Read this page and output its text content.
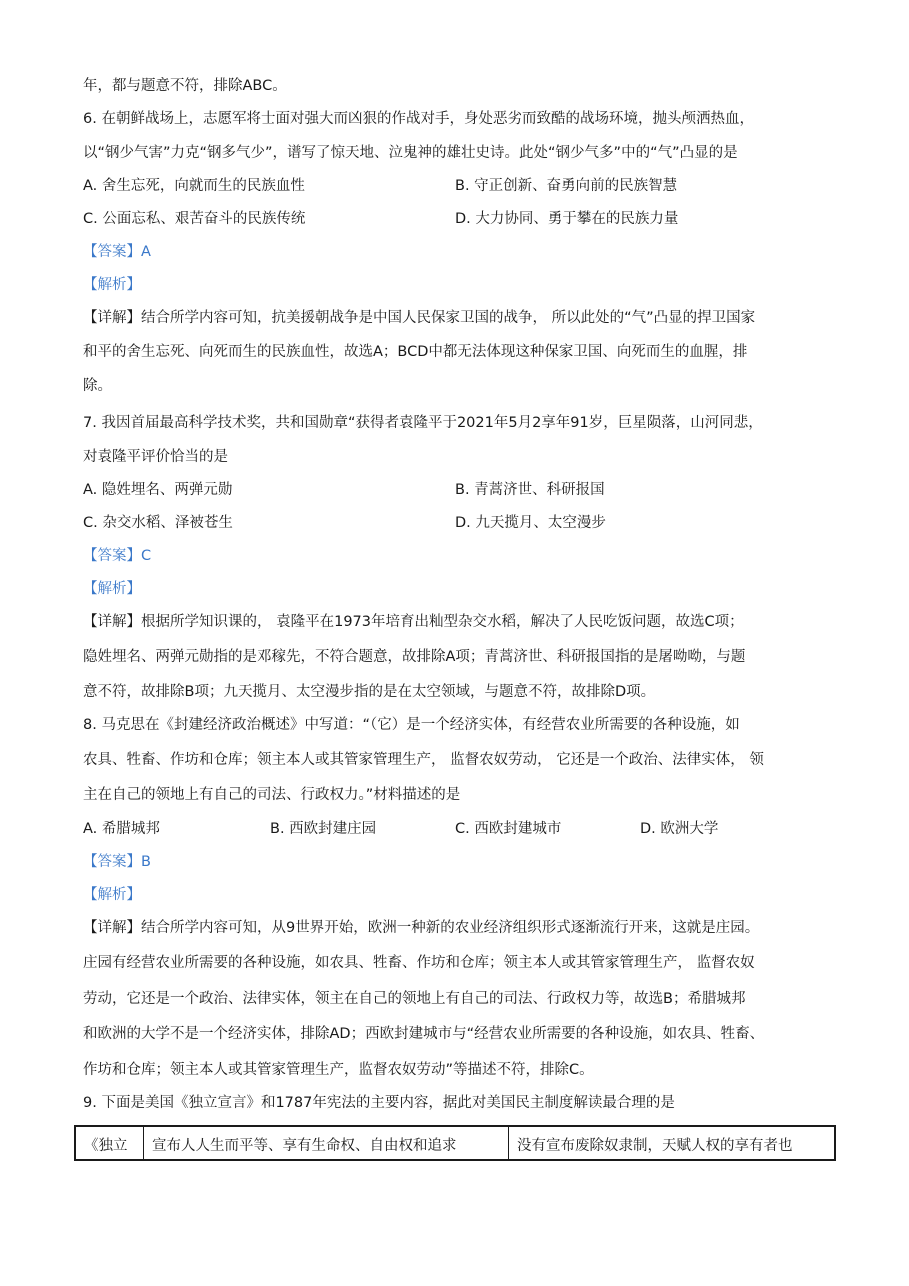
年，都与题意不符，排除ABC。
6. 在朝鲜战场上，志愿军将士面对强大而凶狠的作战对手，身处恶劣而致酷的战场环境，抛头颅洒热血，
以“钢少气害”力克“钢多气少”，谱写了惊天地、泣鬼神的雄壮史诗。此处“钢少气多”中的“气”凸显的是
A. 舍生忘死，向就而生的民族血性	B. 守正创新、奋勇向前的民族智慧
C. 公面忘私、艰苦奋斗的民族传统	D. 大力协同、勇于攀在的民族力量
【答案】A
【解析】
【详解】结合所学内容可知，抗美援朝战争是中国人民保家卫国的战争， 所以此处的“气”凸显的捍卫国家
和平的舍生忘死、向死而生的民族血性，故选A；BCD中都无法体现这种保家卫国、向死而生的血腥，排
除。
7. 我因首届最高科学技术奖，共和国勋章“获得者袁隆平于2021年5月2享年91岁，巨星陨落，山河同悲，
对袁隆平评价恰当的是
A. 隐姓埋名、两弹元勋	B. 青蒿济世、科研报国
C. 杂交水稻、泽被苍生	D. 九天揽月、太空漫步
【答案】C
【解析】
【详解】根据所学知识课的， 袁隆平在1973年培育出籼型杂交水稻，解决了人民吃饭问题，故选C项；
隐姓埋名、两弹元勋指的是邓稼先，不符合题意，故排除A项；青蒿济世、科研报国指的是屠呦呦，与题
意不符，故排除B项；九天揽月、太空漫步指的是在太空领域，与题意不符，故排除D项。
8. 马克思在《封建经济政治概述》中写道：“（它）是一个经济实体，有经营农业所需要的各种设施，如
农具、牲畜、作坊和仓库；领主本人或其管家管理生产， 监督农奴劳动， 它还是一个政治、法律实体， 领
主在自己的领地上有自己的司法、行政权力。”材料描述的是
A. 希腊城邦	B. 西欧封建庄园	C. 西欧封建城市	D. 欧洲大学
【答案】B
【解析】
【详解】结合所学内容可知，从9世界开始，欧洲一种新的农业经济组织形式逐渐流行开来，这就是庄园。
庄园有经营农业所需要的各种设施，如农具、牲畜、作坊和仓库；领主本人或其管家管理生产， 监督农奴
劳动，它还是一个政治、法律实体，领主在自己的领地上有自己的司法、行政权力等，故选B；希腊城邦
和欧洲的大学不是一个经济实体，排除AD；西欧封建城市与“经营农业所需要的各种设施，如农具、牲畜、
作坊和仓库；领主本人或其管家管理生产，监督农奴劳动”等描述不符，排除C。
9. 下面是美国《独立宣言》和1787年宪法的主要内容，据此对美国民主制度解读最合理的是
《独立	宣布人人生而平等、享有生命权、自由权和追求	没有宣布废除奴隶制，天赋人权的享有者也
